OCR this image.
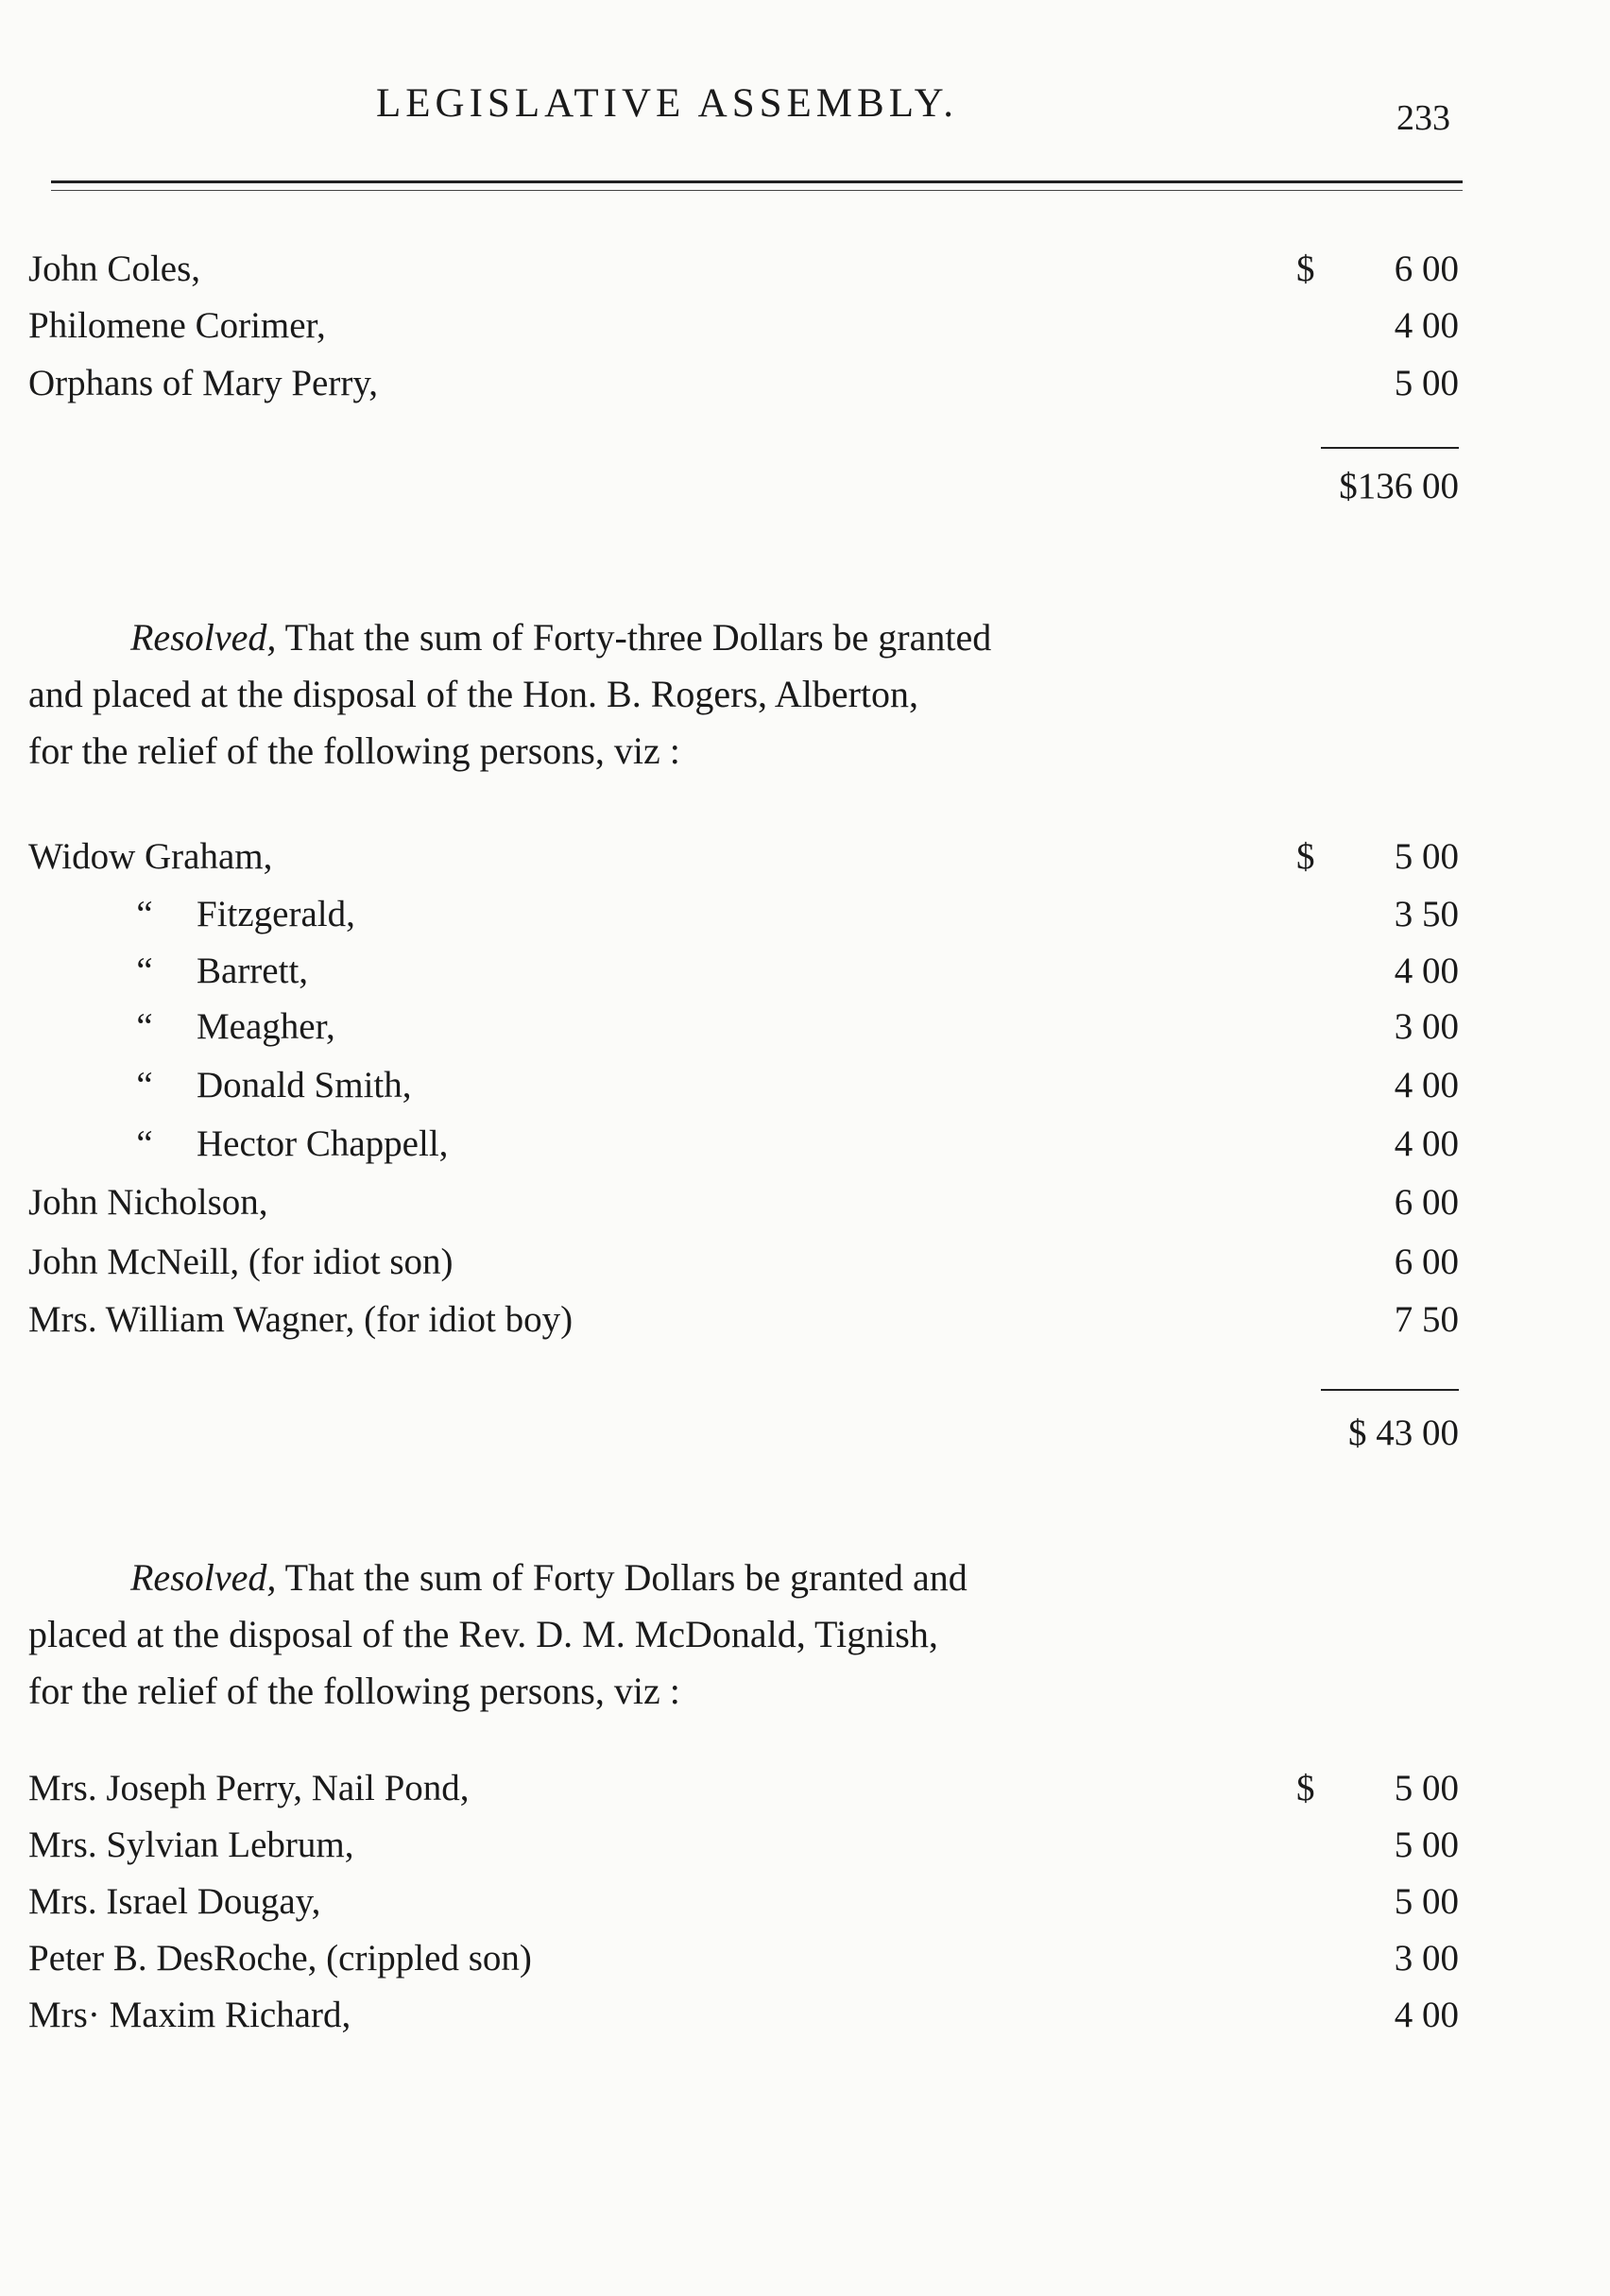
LEGISLATIVE ASSEMBLY.	233
John Coles,	$	6 00
Philomene Corimer,	4 00
Orphans of Mary Perry,	5 00
$136 00
Resolved, That the sum of Forty-three Dollars be granted
and placed at the disposal of the Hon. B. Rogers, Alberton,
for the relief of the following persons, viz :
Widow Graham,	$	5 00
“ Fitzgerald,	3 50
“ Barrett,	4 00
“ Meagher,	3 00
“ Donald Smith,	4 00
“ Hector Chappell,	4 00
John Nicholson,	6 00
John McNeill, (for idiot son)	6 00
Mrs. William Wagner, (for idiot boy)	7 50
$ 43 00
Resolved, That the sum of Forty Dollars be granted and
placed at the disposal of the Rev. D. M. McDonald, Tignish,
for the relief of the following persons, viz :
Mrs. Joseph Perry, Nail Pond,	$	5 00
Mrs. Sylvian Lebrum,	5 00
Mrs. Israel Dougay,	5 00
Peter B. DesRoche, (crippled son)	3 00
Mrs· Maxim Richard,	4 00
